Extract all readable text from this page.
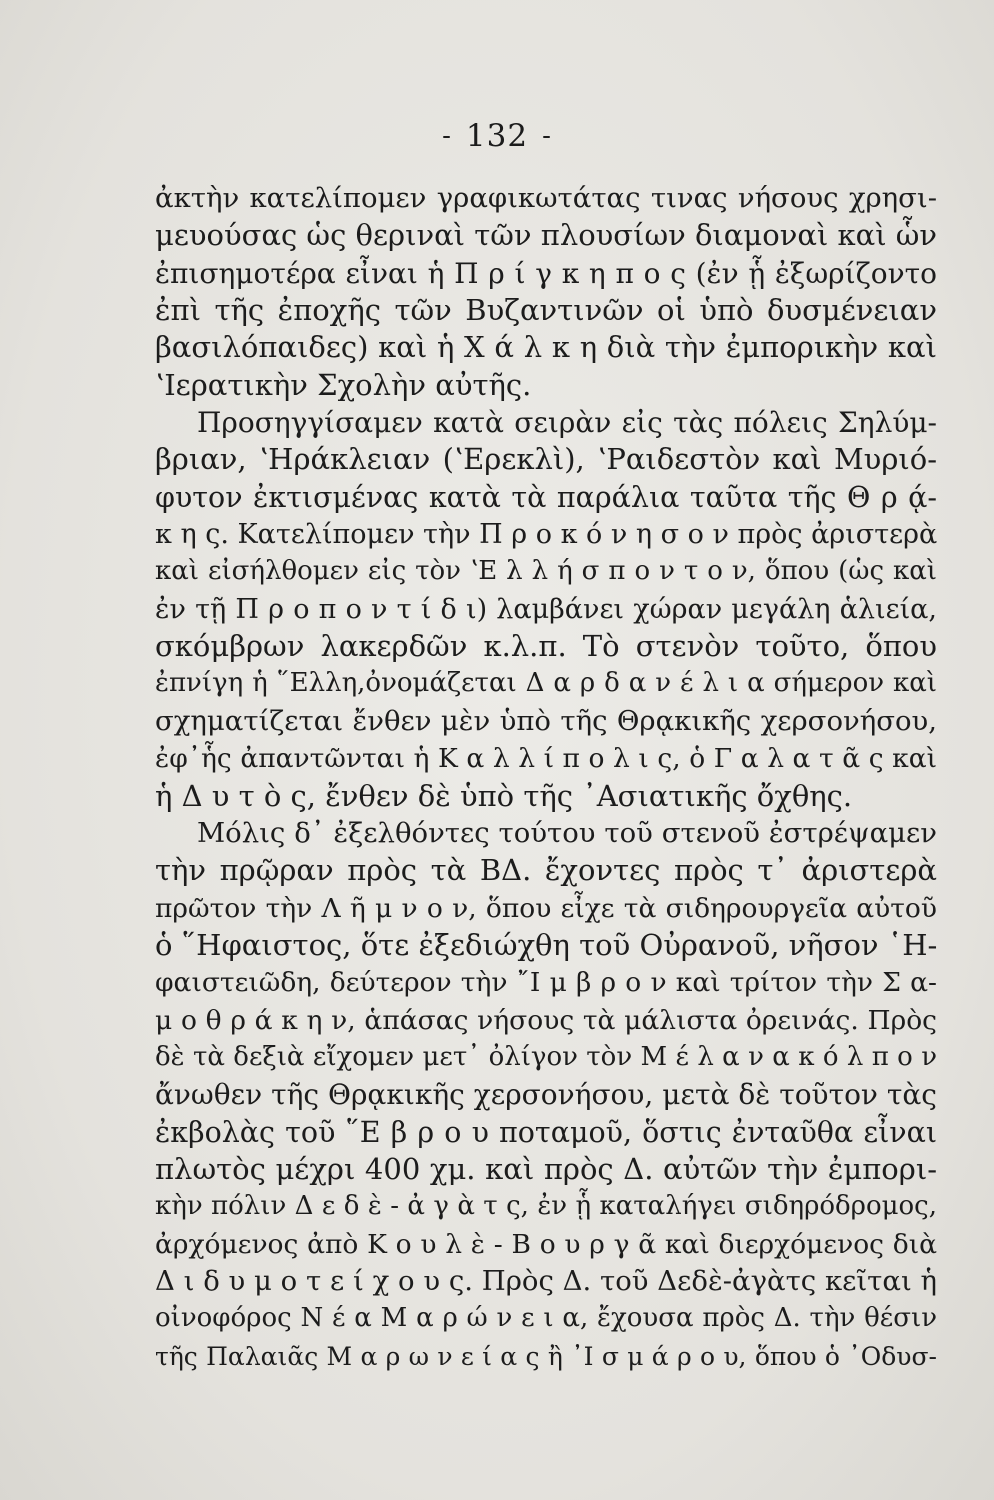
- 132 -
ἀκτὴν κατελίπομεν γραφικωτάτας τινας νήσους χρησι-
μευούσας ὡς θεριναὶ τῶν πλουσίων διαμοναὶ καὶ ὧν
ἐπισημοτέρα εἶναι ἡ Π ρ ί γ κ η π ο ς (ἐν ᾗ ἐξωρίζοντο
ἐπὶ τῆς ἐποχῆς τῶν Βυζαντινῶν οἱ ὑπὸ δυσμένειαν
βασιλόπαιδες) καὶ ἡ Χ ά λ κ η διὰ τὴν ἐμπορικὴν καὶ
ʽΙερατικὴν Σχολὴν αὐτῆς.
Προσηγγίσαμεν κατὰ σειρὰν εἰς τὰς πόλεις Σηλύμ-
βριαν, ʽΗράκλειαν (ʽΕρεκλὶ), ʽΡαιδεστὸν καὶ Μυριό-
φυτον ἐκτισμένας κατὰ τὰ παράλια ταῦτα τῆς Θ ρ ᾴ-
κ η ς. Κατελίπομεν τὴν Π ρ ο κ ό ν η σ ο ν πρὸς ἀριστερὰ
καὶ εἰσήλθομεν εἰς τὸν ʽΕ λ λ ή σ π ο ν τ ο ν, ὅπου (ὡς καὶ
ἐν τῇ Π ρ ο π ο ν τ ί δ ι) λαμβάνει χώραν μεγάλη ἁλιεία,
σκόμβρων λακερδῶν κ.λ.π. Τὸ στενὸν τοῦτο, ὅπου
ἐπνίγη ἡ ῞Ελλη,ὀνομάζεται Δ α ρ δ α ν έ λ ι α σήμερον καὶ
σχηματίζεται ἔνθεν μὲν ὑπὸ τῆς Θρᾳκικῆς χερσονήσου,
ἐφ᾽ἧς ἀπαντῶνται ἡ Κ α λ λ ί π ο λ ι ς, ὁ Γ α λ α τ ᾶ ς καὶ
ἡ Δ υ τ ὸ ς, ἔνθεν δὲ ὑπὸ τῆς ᾽Ασιατικῆς ὄχθης.
Μόλις δ᾽ ἐξελθόντες τούτου τοῦ στενοῦ ἐστρέψαμεν
τὴν πρῷραν πρὸς τὰ ΒΔ. ἔχοντες πρὸς τ᾽ ἀριστερὰ
πρῶτον τὴν Λ ῆ μ ν ο ν, ὅπου εἶχε τὰ σιδηρουργεῖα αὐτοῦ
ὁ ῞Ηφαιστος, ὅτε ἐξεδιώχθη τοῦ Οὐρανοῦ, νῆσον ῾Η-
φαιστειῶδη, δεύτερον τὴν ῎Ι μ β ρ ο ν καὶ τρίτον τὴν Σ α-
μ ο θ ρ ά κ η ν, ἁπάσας νήσους τὰ μάλιστα ὀρεινάς. Πρὸς
δὲ τὰ δεξιὰ εἴχομεν μετ᾽ ὀλίγον τὸν Μ έ λ α ν α κ ό λ π ο ν
ἄνωθεν τῆς Θρᾳκικῆς χερσονήσου, μετὰ δὲ τοῦτον τὰς
ἐκβολὰς τοῦ ῞Ε β ρ ο υ ποταμοῦ, ὅστις ἐνταῦθα εἶναι
πλωτὸς μέχρι 400 χμ. καὶ πρὸς Δ. αὐτῶν τὴν ἐμπορι-
κὴν πόλιν Δ ε δ ὲ - ἀ γ ὰ τ ς, ἐν ᾗ καταλήγει σιδηρόδρομος,
ἀρχόμενος ἀπὸ Κ ο υ λ ὲ - Β ο υ ρ γ ᾶ καὶ διερχόμενος διὰ
Δ ι δ υ μ ο τ ε ί χ ο υ ς. Πρὸς Δ. τοῦ Δεδὲ-ἀγὰτς κεῖται ἡ
οἰνοφόρος Ν έ α Μ α ρ ώ ν ε ι α, ἔχουσα πρὸς Δ. τὴν θέσιν
τῆς Παλαιᾶς Μ α ρ ω ν ε ί α ς ἢ ᾽Ι σ μ ά ρ ο υ, ὅπου ὁ ᾽Οδυσ-
